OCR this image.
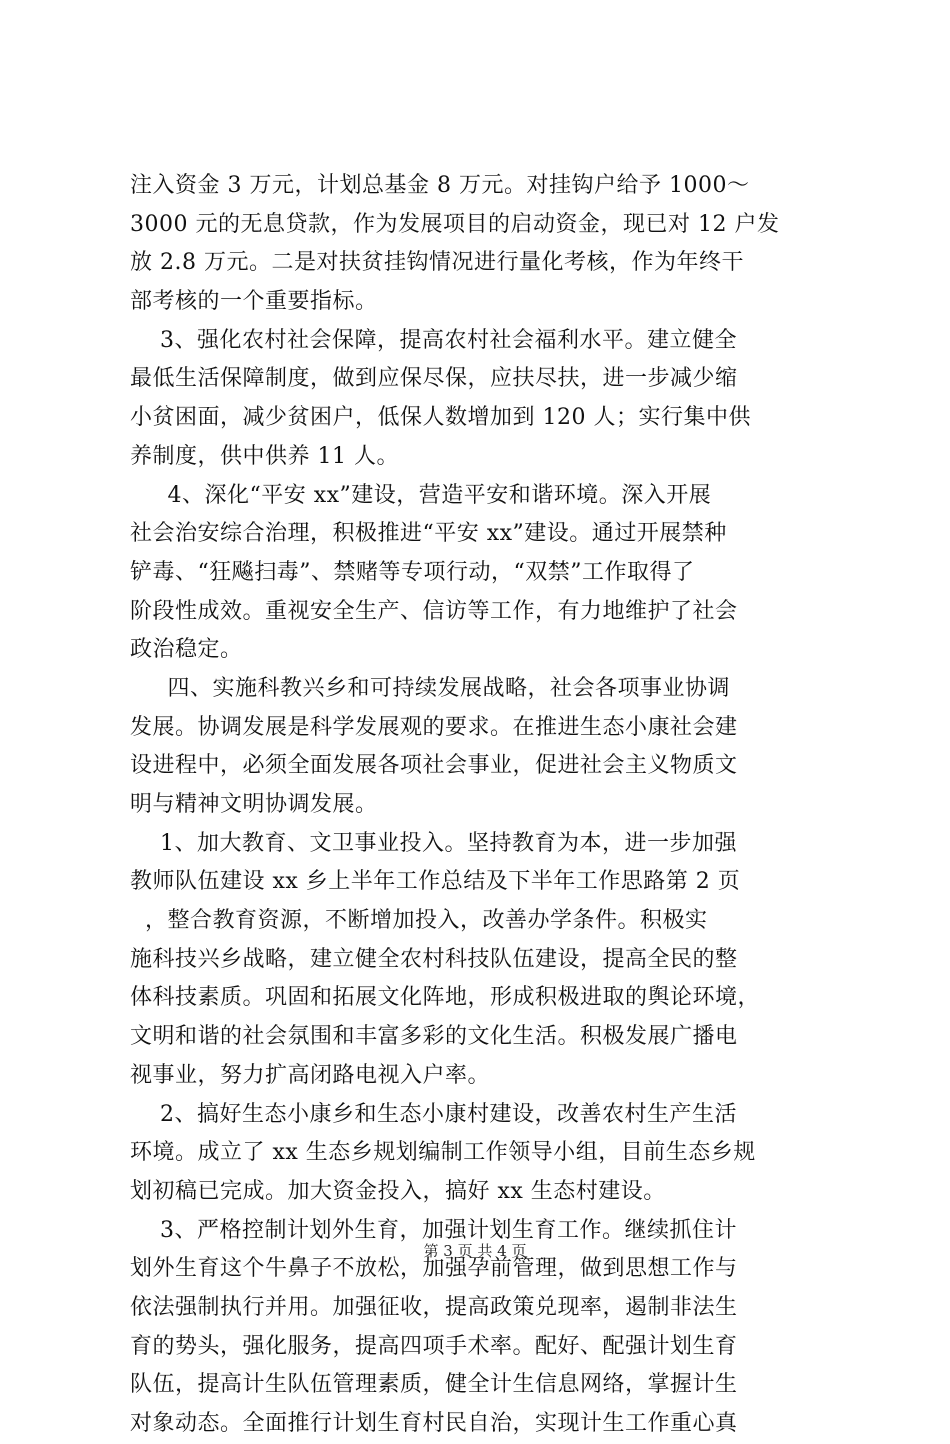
注入资金 3 万元，计划总基金 8 万元。对挂钩户给予 1000～
3000 元的无息贷款，作为发展项目的启动资金，现已对 12 户发
放 2.8 万元。二是对扶贫挂钩情况进行量化考核，作为年终干
部考核的一个重要指标。
3、强化农村社会保障，提高农村社会福利水平。建立健全
最低生活保障制度，做到应保尽保，应扶尽扶，进一步减少缩
小贫困面，减少贫困户，低保人数增加到 120 人；实行集中供
养制度，供中供养 11 人。
4、深化“平安 xx”建设，营造平安和谐环境。深入开展
社会治安综合治理，积极推进“平安 xx”建设。通过开展禁种
铲毒、“狂飚扫毒”、禁赌等专项行动，“双禁”工作取得了
阶段性成效。重视安全生产、信访等工作，有力地维护了社会
政治稳定。
四、实施科教兴乡和可持续发展战略，社会各项事业协调
发展。协调发展是科学发展观的要求。在推进生态小康社会建
设进程中，必须全面发展各项社会事业，促进社会主义物质文
明与精神文明协调发展。
1、加大教育、文卫事业投入。坚持教育为本，进一步加强
教师队伍建设 xx 乡上半年工作总结及下半年工作思路第 2 页
，整合教育资源，不断增加投入，改善办学条件。积极实
施科技兴乡战略，建立健全农村科技队伍建设，提高全民的整
体科技素质。巩固和拓展文化阵地，形成积极进取的舆论环境，
文明和谐的社会氛围和丰富多彩的文化生活。积极发展广播电
视事业，努力扩高闭路电视入户率。
2、搞好生态小康乡和生态小康村建设，改善农村生产生活
环境。成立了 xx 生态乡规划编制工作领导小组，目前生态乡规
划初稿已完成。加大资金投入，搞好 xx 生态村建设。
3、严格控制计划外生育，加强计划生育工作。继续抓住计
划外生育这个牛鼻子不放松，加强孕前管理，做到思想工作与
依法强制执行并用。加强征收，提高政策兑现率，遏制非法生
育的势头，强化服务，提高四项手术率。配好、配强计划生育
队伍，提高计生队伍管理素质，健全计生信息网络，掌握计生
对象动态。全面推行计划生育村民自治，实现计生工作重心真
第 3 页 共 4 页
